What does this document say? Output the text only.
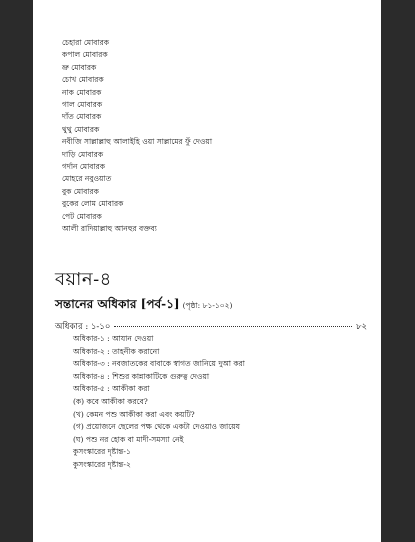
চেহারা মোবারক
কপাল মোবারক
ভ্রু মোবারক
চোখ মোবারক
নাক মোবারক
গাল মোবারক
দাঁত মোবারক
থুথু মোবারক
নবীজি সাল্লাল্লাহু আলাইহি ওয়া সাল্লামের ফুঁ দেওয়া
দাড়ি মোবারক
গর্দান মোবারক
মোহরে নবুওয়াত
বুক মোবারক
বুকের লোম মোবারক
পেট মোবারক
আলী রাদিয়াল্লাহু আনহুর বক্তব্য
বয়ান-৪
সন্তানের অধিকার [পর্ব-১] (পৃষ্ঠা: ৮১-১০২)
অধিকার : ১-১০	৮২
অধিকার-১ : আযান দেওয়া
অধিকার-২ : তাহনীক করানো
অধিকার-৩ : নবজাতকের বাবাকে স্বাগত জানিয়ে দুআ করা
অধিকার-৪ : শিশুর কান্নাকাটিকে গুরুত্ব দেওয়া
অধিকার-৫ : আকীকা করা
(ক) কবে আকীকা করবে?
(খ) কেমন পশু আকীকা করা এবং কয়টি?
(গ) প্রয়োজনে ছেলের পক্ষ থেকে একটা দেওয়াও জায়েয
(ঘ) পশু নর হোক বা মাদী-সমস্যা নেই
কুসংস্কারের দৃষ্টান্ত-১
কুসংস্কারের দৃষ্টান্ত-২
